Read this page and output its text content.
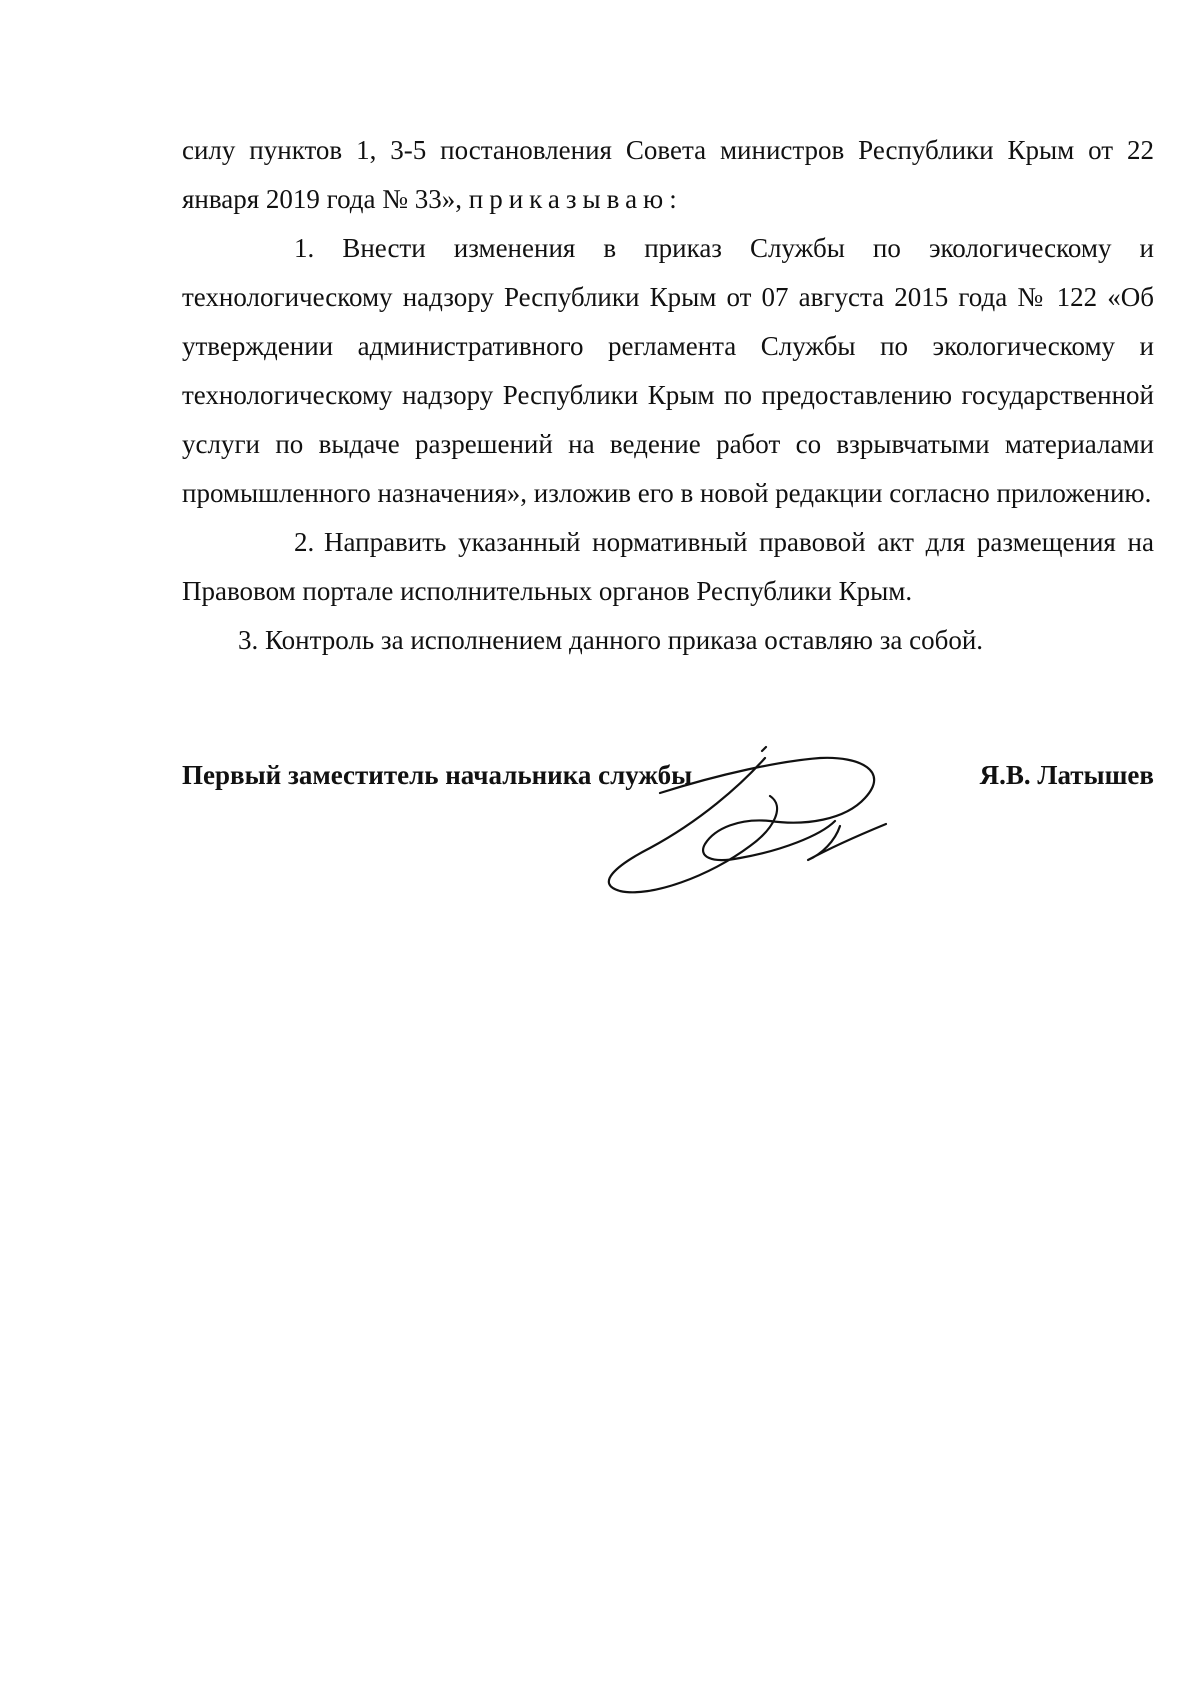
силу пунктов 1, 3-5 постановления Совета министров Республики Крым от 22 января 2019 года № 33», приказываю:

1. Внести изменения в приказ Службы по экологическому и технологическому надзору Республики Крым от 07 августа 2015 года № 122 «Об утверждении административного регламента Службы по экологическому и технологическому надзору Республики Крым по предоставлению государственной услуги по выдаче разрешений на ведение работ со взрывчатыми материалами промышленного назначения», изложив его в новой редакции согласно приложению.

2. Направить указанный нормативный правовой акт для размещения на Правовом портале исполнительных органов Республики Крым.

3. Контроль за исполнением данного приказа оставляю за собой.

Первый заместитель начальника службы	Я.В. Латышев
